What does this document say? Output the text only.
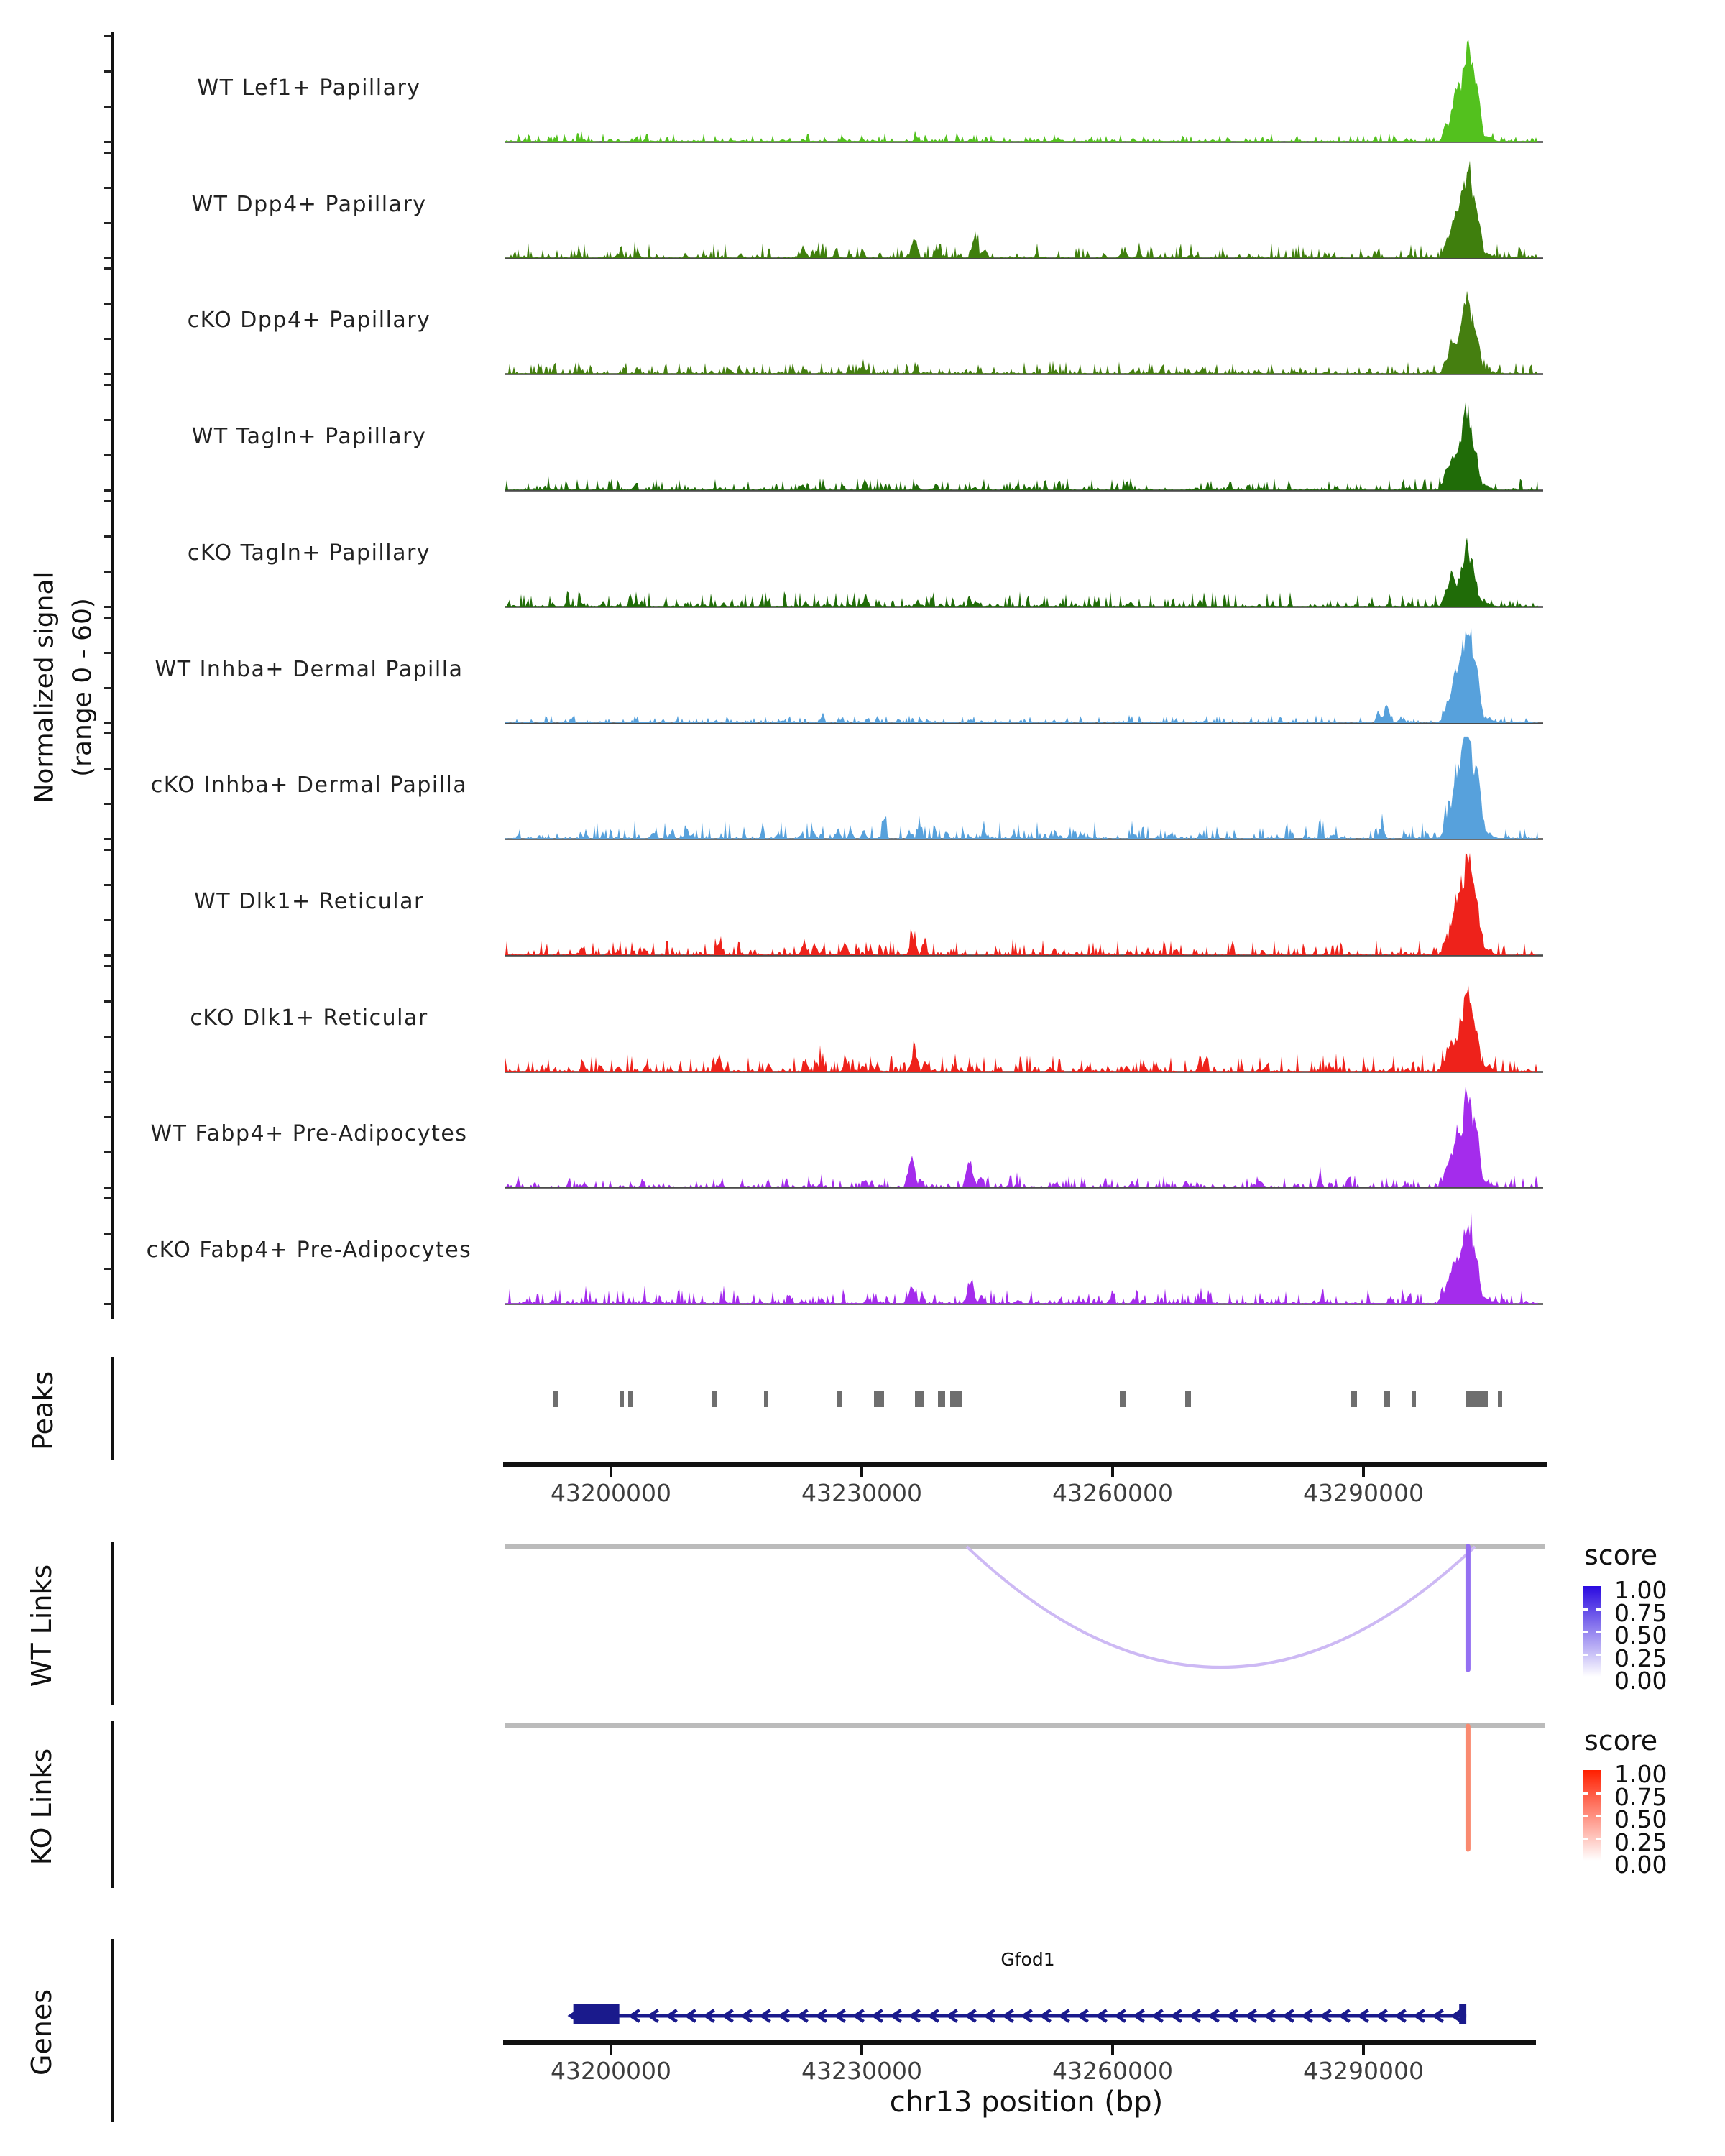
Normalized signal (range 0 - 60)
WT Lef1+ Papillary
WT Dpp4+ Papillary
cKO Dpp4+ Papillary
WT Tagln+ Papillary
cKO Tagln+ Papillary
WT Inhba+ Dermal Papilla
cKO Inhba+ Dermal Papilla
WT Dlk1+ Reticular
cKO Dlk1+ Reticular
WT Fabp4+ Pre-Adipocytes
cKO Fabp4+ Pre-Adipocytes
Peaks
43200000	43230000	43260000	43290000
WT Links
score
1.00
0.75
0.50
0.25
0.00
KO Links
score
1.00
0.75
0.50
0.25
0.00
Genes
Gfod1
43200000	43230000	43260000	43290000
chr13 position (bp)
